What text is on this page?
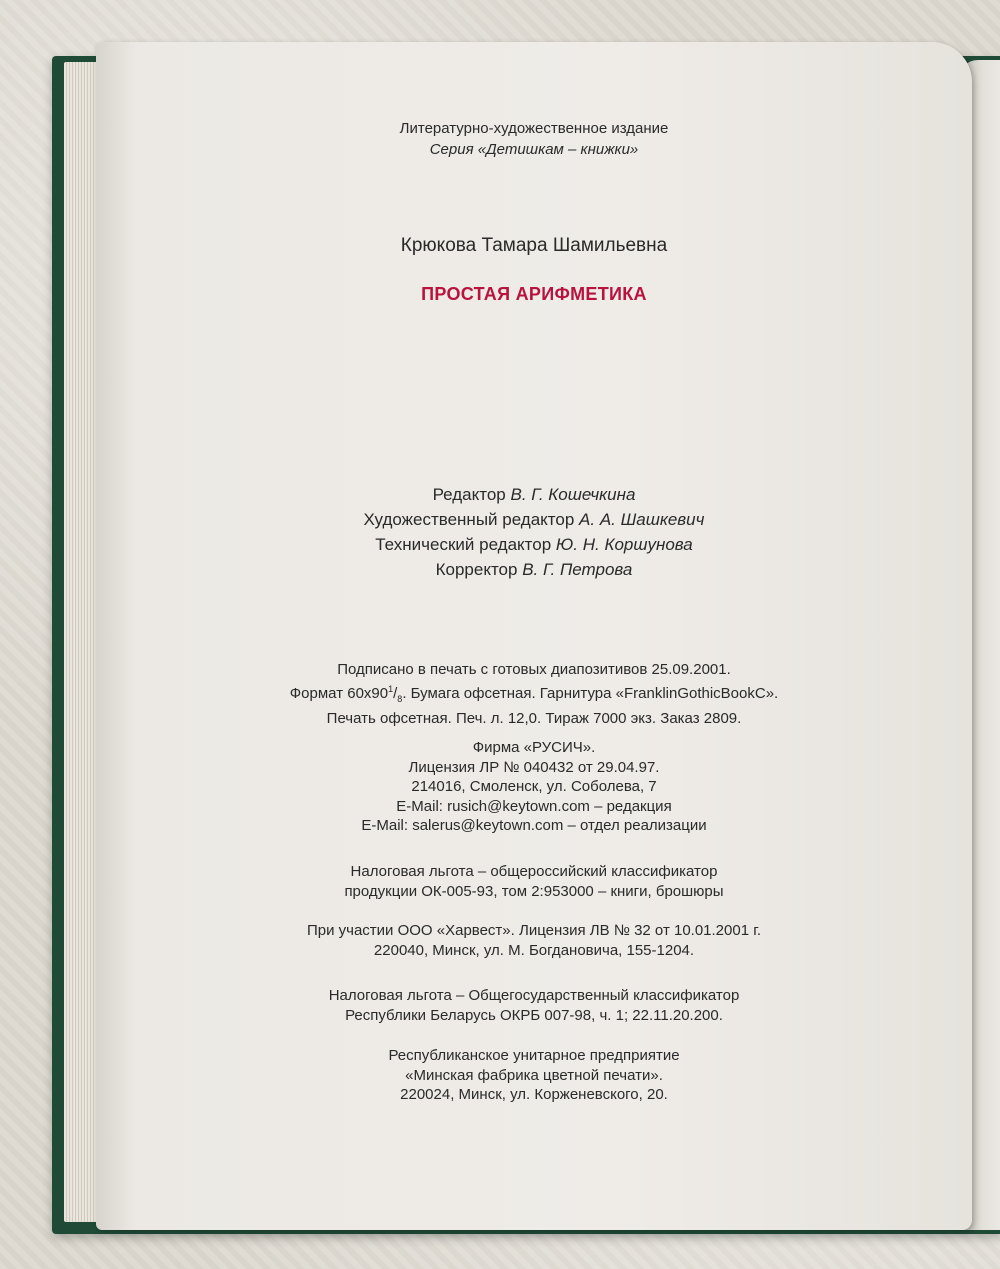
Литературно-художественное издание
Серия «Детишкам – книжки»
Крюкова Тамара Шамильевна
ПРОСТАЯ АРИФМЕТИКА
Редактор В. Г. Кошечкина
Художественный редактор А. А. Шашкевич
Технический редактор Ю. Н. Коршунова
Корректор В. Г. Петрова
Подписано в печать с готовых диапозитивов 25.09.2001.
Формат $60х90^1/_8$. Бумага офсетная. Гарнитура «FranklinGothicBookC».
Печать офсетная. Печ. л. 12,0. Тираж 7000 экз. Заказ 2809.
Фирма «РУСИЧ».
Лицензия ЛР № 040432 от 29.04.97.
214016, Смоленск, ул. Соболева, 7
E-Mail: rusich@keytown.com – редакция
E-Mail: salerus@keytown.com – отдел реализации
Налоговая льгота – общероссийский классификатор
продукции ОК-005-93, том 2:953000 – книги, брошюры
При участии ООО «Харвест». Лицензия ЛВ № 32 от 10.01.2001 г.
220040, Минск, ул. М. Богдановича, 155-1204.
Налоговая льгота – Общегосударственный классификатор
Республики Беларусь ОКРБ 007-98, ч. 1; 22.11.20.200.
Республиканское унитарное предприятие
«Минская фабрика цветной печати».
220024, Минск, ул. Корженевского, 20.
